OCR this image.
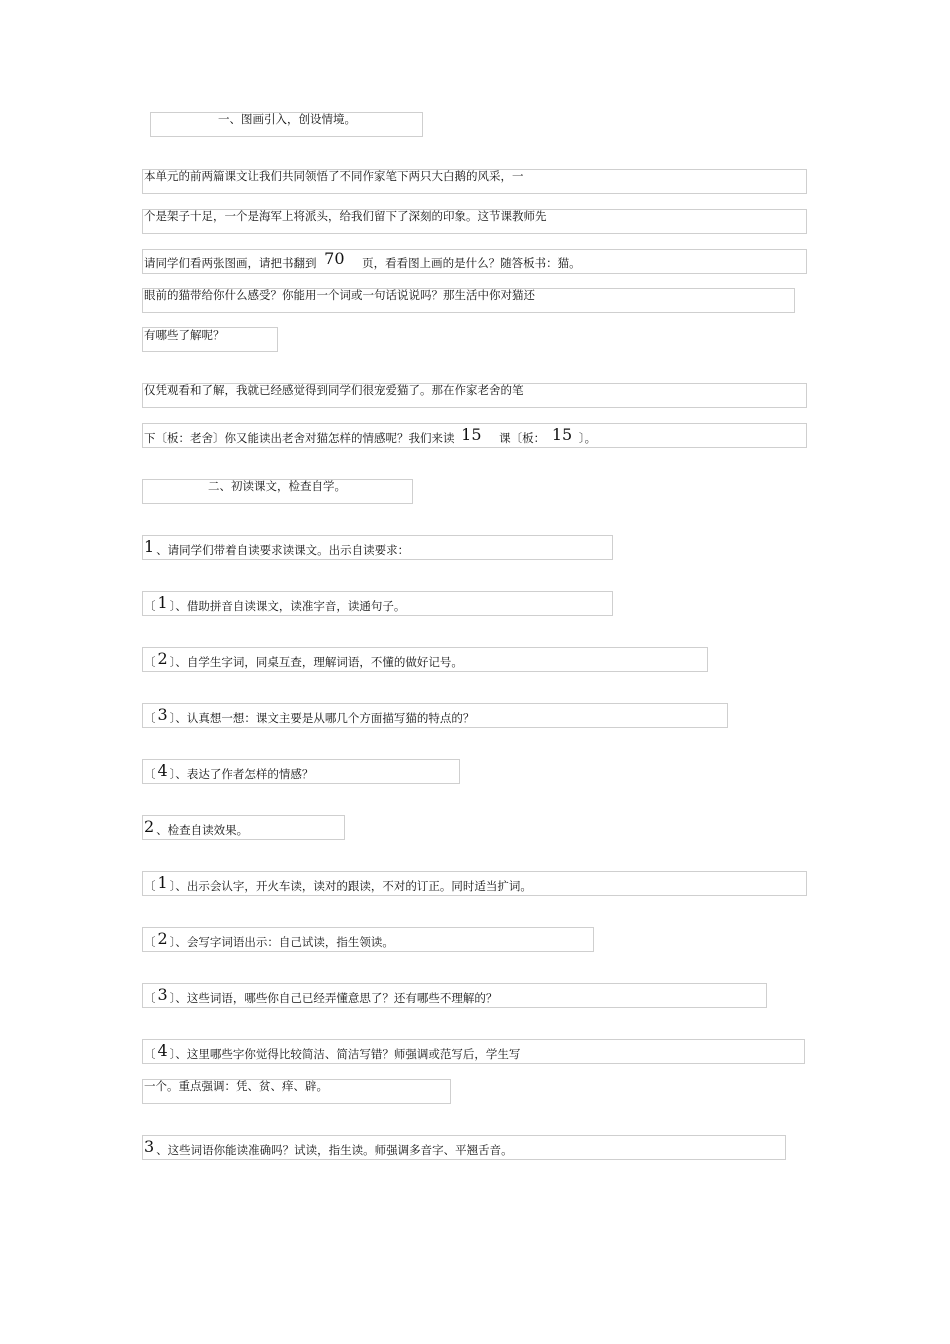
一、图画引入，创设情境。
本单元的前两篇课文让我们共同领悟了不同作家笔下两只大白鹅的风采，一
个是架子十足，一个是海军上将派头，给我们留下了深刻的印象。这节课教师先
请同学们看两张图画，请把书翻到 70 页，看看图上画的是什么？随答板书：猫。
眼前的猫带给你什么感受？你能用一个词或一句话说说吗？那生活中你对猫还
有哪些了解呢？
仅凭观看和了解，我就已经感觉得到同学们很宠爱猫了。那在作家老舍的笔
下〔板：老舍〕你又能读出老舍对猫怎样的情感呢？我们来读 15 课〔板： 15 〕。
二、初读课文，检查自学。
1 、请同学们带着自读要求读课文。出示自读要求：
〔 1 〕、借助拼音自读课文，读准字音，读通句子。
〔 2 〕、自学生字词，同桌互查，理解词语，不懂的做好记号。
〔 3 〕、认真想一想：课文主要是从哪几个方面描写猫的特点的？
〔 4 〕、表达了作者怎样的情感？
2 、检查自读效果。
〔 1 〕、出示会认字，开火车读，读对的跟读，不对的订正。同时适当扩词。
〔 2 〕、会写字词语出示：自己试读，指生领读。
〔 3 〕、这些词语，哪些你自己已经弄懂意思了？还有哪些不理解的？
〔 4 〕、这里哪些字你觉得比较简洁、简洁写错？师强调或范写后，学生写
一个。重点强调：凭、贫、痒、辟。
3 、这些词语你能读准确吗？试读，指生读。师强调多音字、平翘舌音。
